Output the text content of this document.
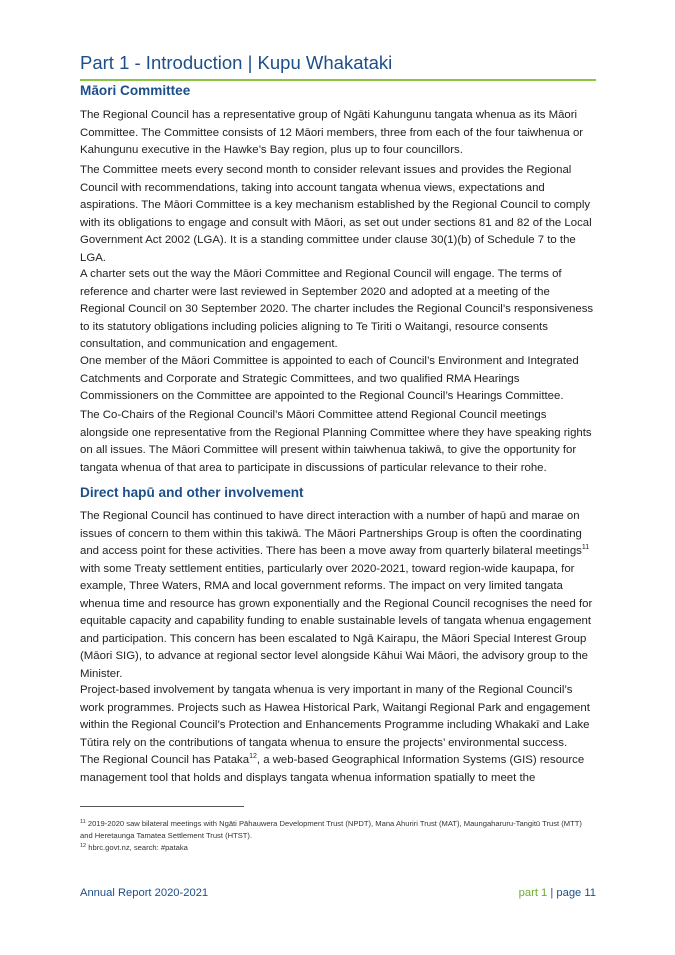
Part 1 - Introduction | Kupu Whakataki
Māori Committee

The Regional Council has a representative group of Ngāti Kahungunu tangata whenua as its Māori Committee. The Committee consists of 12 Māori members, three from each of the four taiwhenua or Kahungunu executive in the Hawke’s Bay region, plus up to four councillors.

The Committee meets every second month to consider relevant issues and provides the Regional Council with recommendations, taking into account tangata whenua views, expectations and aspirations. The Māori Committee is a key mechanism established by the Regional Council to comply with its obligations to engage and consult with Māori, as set out under sections 81 and 82 of the Local Government Act 2002 (LGA). It is a standing committee under clause 30(1)(b) of Schedule 7 to the LGA.

A charter sets out the way the Māori Committee and Regional Council will engage. The terms of reference and charter were last reviewed in September 2020 and adopted at a meeting of the Regional Council on 30 September 2020. The charter includes the Regional Council’s responsiveness to its statutory obligations including policies aligning to Te Tiriti o Waitangi, resource consents consultation, and communication and engagement.

One member of the Māori Committee is appointed to each of Council’s Environment and Integrated Catchments and Corporate and Strategic Committees, and two qualified RMA Hearings Commissioners on the Committee are appointed to the Regional Council’s Hearings Committee.

The Co-Chairs of the Regional Council’s Māori Committee attend Regional Council meetings alongside one representative from the Regional Planning Committee where they have speaking rights on all issues. The Māori Committee will present within taiwhenua takiwā, to give the opportunity for tangata whenua of that area to participate in discussions of particular relevance to their rohe.

Direct hapū and other involvement

The Regional Council has continued to have direct interaction with a number of hapū and marae on issues of concern to them within this takiwā. The Māori Partnerships Group is often the coordinating and access point for these activities. There has been a move away from quarterly bilateral meetings$^{11}$ with some Treaty settlement entities, particularly over 2020-2021, toward region-wide kaupapa, for example, Three Waters, RMA and local government reforms. The impact on very limited tangata whenua time and resource has grown exponentially and the Regional Council recognises the need for equitable capacity and capability funding to enable sustainable levels of tangata whenua engagement and participation. This concern has been escalated to Ngā Kairapu, the Māori Special Interest Group (Māori SIG), to advance at regional sector level alongside Kāhui Wai Māori, the advisory group to the Minister.

Project-based involvement by tangata whenua is very important in many of the Regional Council’s work programmes. Projects such as Hawea Historical Park, Waitangi Regional Park and engagement within the Regional Council’s Protection and Enhancements Programme including Whakakī and Lake Tūtira rely on the contributions of tangata whenua to ensure the projects’ environmental success.

The Regional Council has Pataka$^{12}$, a web-based Geographical Information Systems (GIS) resource management tool that holds and displays tangata whenua information spatially to meet the

$^{11}$ 2019-2020 saw bilateral meetings with Ngāti Pāhauwera Development Trust (NPDT), Mana Ahuriri Trust (MAT), Maungaharuru-Tangitū Trust (MTT) and Heretaunga Tamatea Settlement Trust (HTST).
$^{12}$ hbrc.govt.nz, search: #pataka
Annual Report 2020-2021	part 1 | page 11
